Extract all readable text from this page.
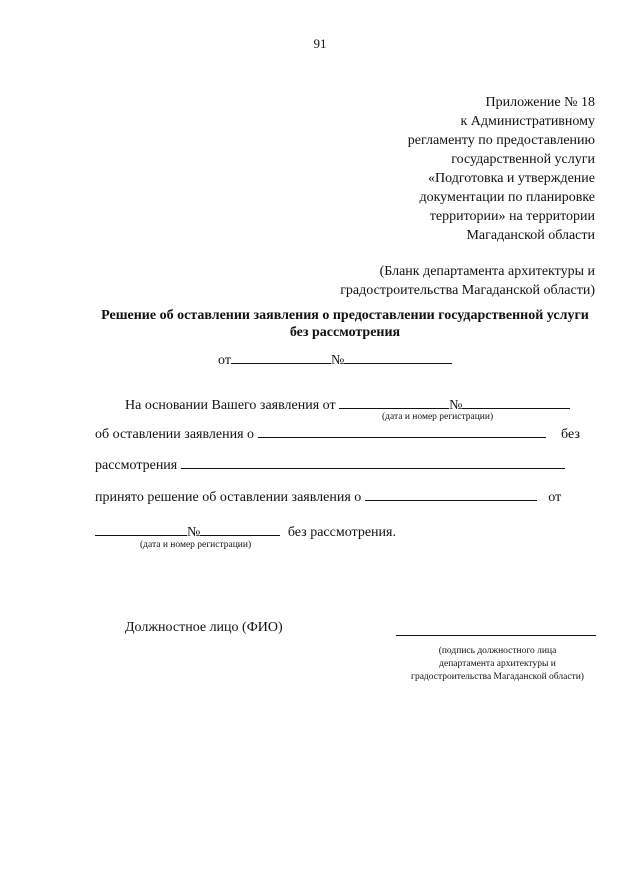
91
Приложение № 18
к Административному
регламенту по предоставлению
государственной услуги
«Подготовка и утверждение
документации по планировке
территории» на территории
Магаданской области
(Бланк департамента архитектуры и
градостроительства Магаданской области)
Решение об оставлении заявления о предоставлении государственной услуги
без рассмотрения
от	№
На основании Вашего заявления от	№
(дата и номер регистрации)
об оставлении заявления о	без
рассмотрения
принято решение об оставлении заявления о	от
№	без рассмотрения.
(дата и номер регистрации)
Должностное лицо (ФИО)
(подпись должностного лица
департамента архитектуры и
градостроительства Магаданской области)
